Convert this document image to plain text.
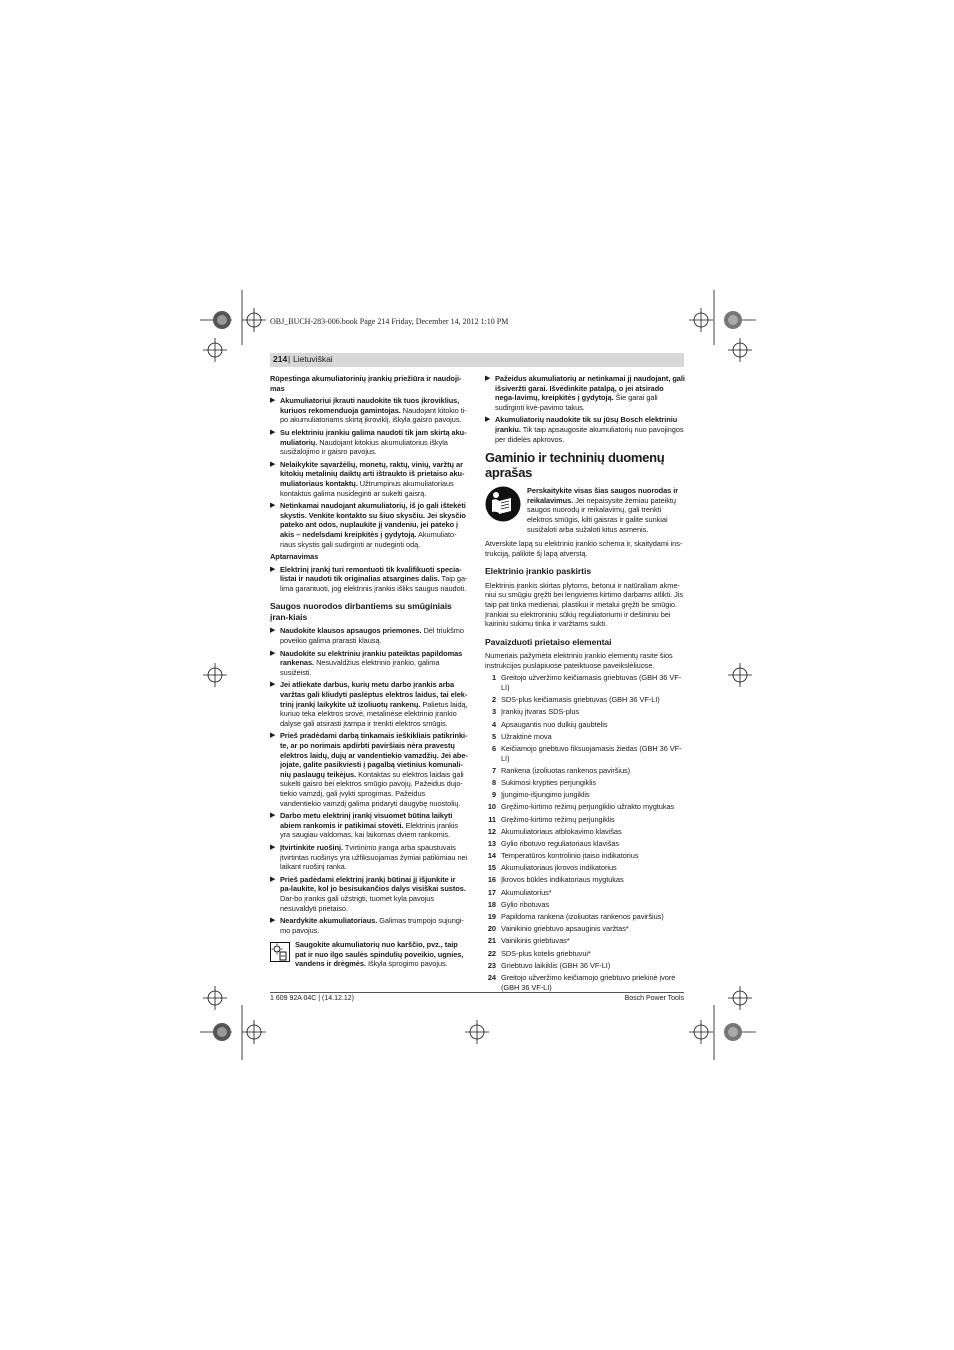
OBJ_BUCH-283-006.book Page 214 Friday, December 14, 2012 1:10 PM
214 | Lietuviškai

Rūpestinga akumuliatorinių įrankių priežiūra ir naudoji-mas

▶ Akumuliatoriui įkrauti naudokite tik tuos įkroviklius, kuriuos rekomenduoja gamintojas. Naudojant kitokio ti-po akumuliatoriams skirtą įkroviklį, iškyla gaisro pavojus.
▶ Su elektriniu įrankiu galima naudoti tik jam skirtą aku-muliatorių. Naudojant kitokius akumuliatorius iškyla susižalojimo ir gaisro pavojus.
▶ Nelaikykite sąvaržėlių, monetų, raktų, vinių, varžtų ar kitokių metalinių daiktų arti ištraukto iš prietaiso aku-muliatoriaus kontaktų. Užtrumpinus akumuliatoriaus kontaktus galima nusideginti ar sukelti gaisrą.
▶ Netinkamai naudojant akumuliatorių, iš jo gali ištekėti skystis. Venkite kontakto su šiuo skysčiu. Jei skysčio pateko ant odos, nuplaukite jį vandeniu, jei pateko į akis – nedelsdami kreipkitės į gydytoją. Akumuliato-riaus skystis gali sudirginti ar nudeginti odą.

Aptarnavimas

▶ Elektrinį įrankį turi remontuoti tik kvalifikuoti specia-listai ir naudoti tik originalias atsargines dalis. Taip ga-lima garantuoti, jog elektrinis įrankis išliks saugus naudoti.
Saugos nuorodos dirbantiems su smūginiais įran-kiais
▶ Naudokite klausos apsaugos priemones. Dėl triukšmo poveikio galima prarasti klausą.
▶ Naudokite su elektriniu įrankiu pateiktas papildomas rankenas. Nesuvaldžius elektrinio įrankio, galima susižeisti.
▶ Jei atliekate darbus, kurių metu darbo įrankis arba varžtas gali kliudyti paslėptus elektros laidus, tai elek-trinį įrankį laikykite už izoliuotų rankenų. Palietus laidą, kuriuo teka elektros srovė, metalinėse elektrinio įrankio dalyse gali atsirasti įtampa ir trenkti elektros smūgis.
▶ Prieš pradėdami darbą tinkamais ieškikliais patikrinki-te, ar po norimais apdirbti paviršiais nėra pravestų elektros laidų, dujų ar vandentiekio vamzdžių. Jei abe-jojate, galite pasikviesti į pagalbą vietinius komunali-nių paslaugų teikėjus. Kontaktas su elektros laidais gali sukelti gaisro bei elektros smūgio pavojų. Pažeidus dujo-tiekio vamzdį, gali įvykti sprogimas. Pažeidus vandentiekio vamzdį galima pridaryti daugybę nuostolių.
▶ Darbo metu elektrinį įrankį visuomet būtina laikyti abiem rankomis ir patikimai stovėti. Elektrinis įrankis yra saugiau valdomas, kai laikomas dviem rankomis.
▶ Įtvirtinkite ruošinį. Tvirtinimo įranga arba spaustuvais įtvirtintas ruošinys yra užfiksuojamas žymiai patikimiau nei laikant ruošinį ranka.
▶ Prieš padėdami elektrinį įrankį būtinai jį išjunkite ir pa-laukite, kol jo besisukančios dalys visiškai sustos. Dar-bo įrankis gali užstrigti, tuomet kyla pavojus nesuvaldyti prietaiso.
▶ Neardykite akumuliatoriaus. Galimas trumpojo sujungi-mo pavojus.
Saugokite akumuliatorių nuo karščio, pvz., taip pat ir nuo ilgo saulės spindulių poveikio, ugnies, vandens ir drėgmės. Iškyla sprogimo pavojus.
▶ Pažeidus akumuliatorių ar netinkamai jį naudojant, gali išsiveržti garai. Išvėdinkite patalpą, o jei atsirado nega-lavimų, kreipkitės į gydytoją. Šie garai gali sudirginti kvė-pavimo takus.
▶ Akumuliatorių naudokite tik su jūsų Bosch elektriniu įrankiu. Tik taip apsaugosite akumuliatorių nuo pavojingos per didelės apkrovos.
Gaminio ir techninių duomenų aprašas
Perskaitykite visas šias saugos nuorodas ir reikalavimus. Jei nepaisysite žemiau pateiktų saugos nuorodų ir reikalavimų, gali trenkti elektros smūgis, kilti gaisras ir galite sunkiai susižaloti arba sužaloti kitus asmenis.

Atverskite lapą su elektrinio įrankio schema ir, skaitydami ins-trukciją, palikite šį lapą atverstą.

Elektrinio įrankio paskirtis

Elektrinis įrankis skirtas plytoms, betonui ir natūraliam akme-niui su smūgiu gręžti bei lengviems kirtimo darbams atlikti. Jis taip pat tinka medienai, plastikui ir metalui gręžti be smūgio. Įrankiai su elektroniniu sūkių reguliatoriumi ir dešininiu bei kairiniu sukimu tinka ir varžtams sukti.

Pavaizduoti prietaiso elementai

Numeriais pažymėta elektrinio įrankio elementų rasite šios instrukcijos puslapiuose pateiktuose paveikslėliuose.

1 Greitojo užveržimo keičiamasis griebtuvas (GBH 36 VF-LI)
2 SDS-plus keičiamasis griebtuvas (GBH 36 VF-LI)
3 Įrankių įtvaras SDS-plus
4 Apsaugantis nuo dulkių gaubtelis
5 Užraktinė mova
6 Keičiamojo griebtuvo fiksuojamasis žiedas (GBH 36 VF-LI)
7 Rankena (izoliuotas rankenos paviršius)
8 Sukimosi krypties perjungiklis
9 Įjungimo-išjungimo jungiklis
10 Gręžimo-kirtimo režimų perjungiklio užrakto mygtukas
11 Gręžimo-kirtimo režimų perjungiklis
12 Akumuliatoriaus atblokavimo klavišas
13 Gylio ribotuvo reguliatoriaus klavišas
14 Temperatūros kontrolinio įtaiso indikatorius
15 Akumuliatoriaus įkrovos indikatorius
16 Įkrovos būklės indikatoriaus mygtukas
17 Akumuliatorius*
18 Gylio ribotuvas
19 Papildoma rankena (izoliuotas rankenos paviršius)
20 Vainikinio griebtuvo apsauginis varžtas*
21 Vainikinis griebtuvas*
22 SDS-plus kotelis griebtuvui*
23 Griebtuvo laikiklis (GBH 36 VF-LI)
24 Greitojo užveržimo keičiamojo griebtuvo priekinė įvorė (GBH 36 VF-LI)
1 609 92A 04C | (14.12.12)	Bosch Power Tools
